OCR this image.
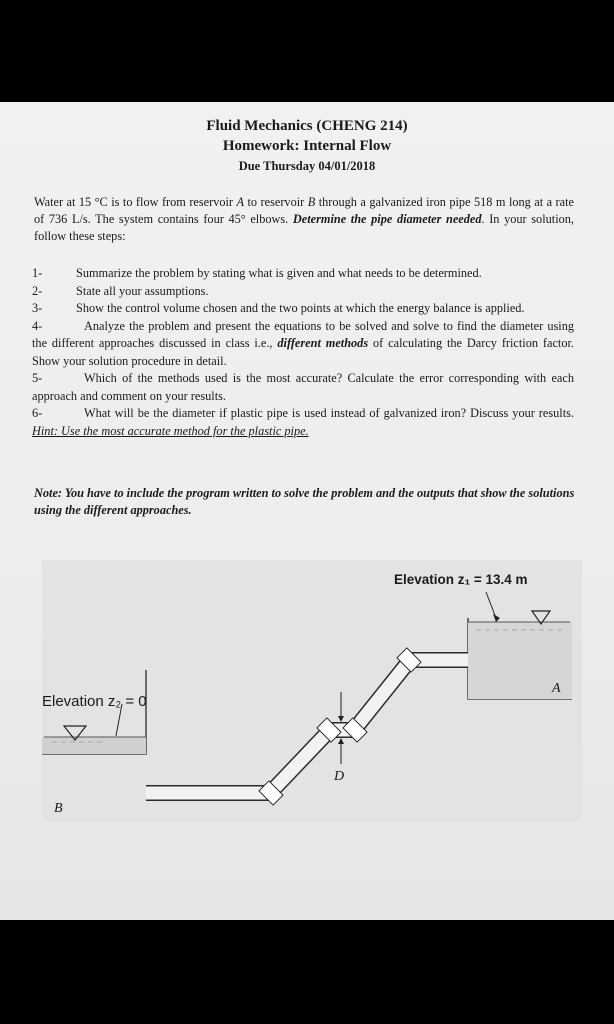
Fluid Mechanics (CHENG 214)
Homework: Internal Flow
Due Thursday 04/01/2018
Water at 15 °C is to flow from reservoir A to reservoir B through a galvanized iron pipe 518 m long at a rate of 736 L/s. The system contains four 45° elbows. Determine the pipe diameter needed. In your solution, follow these steps:
1-	Summarize the problem by stating what is given and what needs to be determined.
2-	State all your assumptions.
3-	Show the control volume chosen and the two points at which the energy balance is applied.
4-	Analyze the problem and present the equations to be solved and solve to find the diameter using the different approaches discussed in class i.e., different methods of calculating the Darcy friction factor. Show your solution procedure in detail.
5-	Which of the methods used is the most accurate? Calculate the error corresponding with each approach and comment on your results.
6-	What will be the diameter if plastic pipe is used instead of galvanized iron? Discuss your results. Hint: Use the most accurate method for the plastic pipe.
Note: You have to include the program written to solve the problem and the outputs that show the solutions using the different approaches.
Elevation z₁ = 13.4 m
Elevation z₂ = 0
A
B
D
